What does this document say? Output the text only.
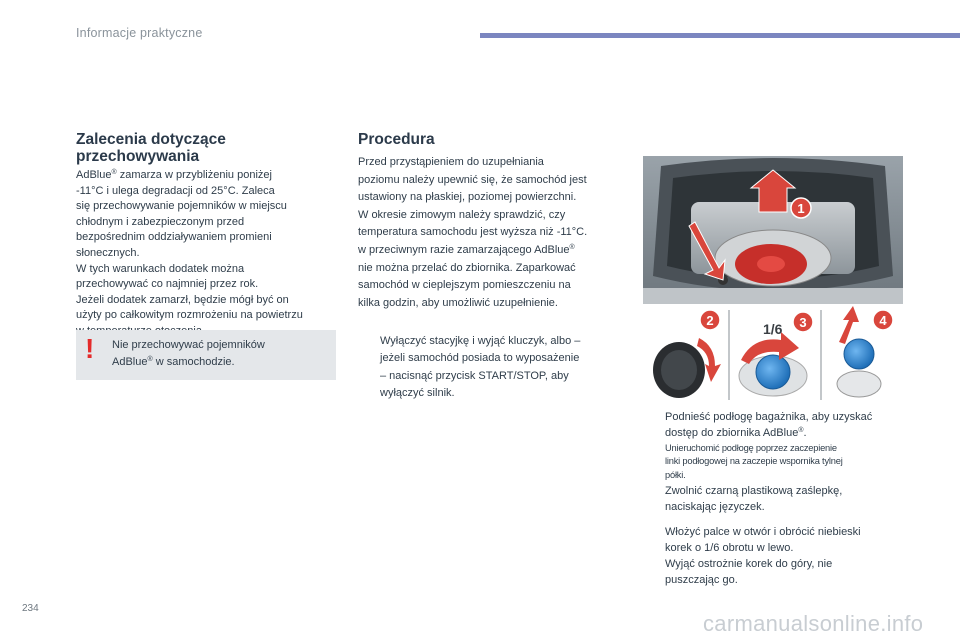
Informacje praktyczne
Zalecenia dotyczące
przechowywania
AdBlue® zamarza w przybliżeniu poniżej
-11°C i ulega degradacji od 25°C. Zaleca
się przechowywanie pojemników w miejscu
chłodnym i zabezpieczonym przed
bezpośrednim oddziaływaniem promieni
słonecznych.
W tych warunkach dodatek można
przechowywać co najmniej przez rok.
Jeżeli dodatek zamarzł, będzie mógł być on
użyty po całkowitym rozmrożeniu na powietrzu
! Nie przechowywać pojemników
AdBlue® w samochodzie.
Procedura
Przed przystąpieniem do uzupełniania
poziomu należy upewnić się, że samochód jest
ustawiony na płaskiej, poziomej powierzchni.
W okresie zimowym należy sprawdzić, czy
temperatura samochodu jest wyższa niż -11°C.
w przeciwnym razie zamarzającego AdBlue®
nie można przelać do zbiornika. Zaparkować
samochód w cieplejszym pomieszczeniu na
kilka godzin, aby umożliwić uzupełnienie.
Wyłączyć stacyjkę i wyjąć kluczyk, albo –
jeżeli samochód posiada to wyposażenie
– nacisnąć przycisk START/STOP, aby
wyłączyć silnik.
1
2
1/6 3	4
Podnieść podłogę bagażnika, aby uzyskać
dostęp do zbiornika AdBlue®.
Unieruchomić podłogę poprzez zaczepienie
linki podłogowej na zaczepie wspornika tylnej
półki.
Zwolnić czarną plastikową zaślepkę,
naciskając języczek.
Włożyć palce w otwór i obrócić niebieski
korek o 1/6 obrotu w lewo.
Wyjąć ostrożnie korek do góry, nie
puszczając go.
234
carmanualsonline.info
